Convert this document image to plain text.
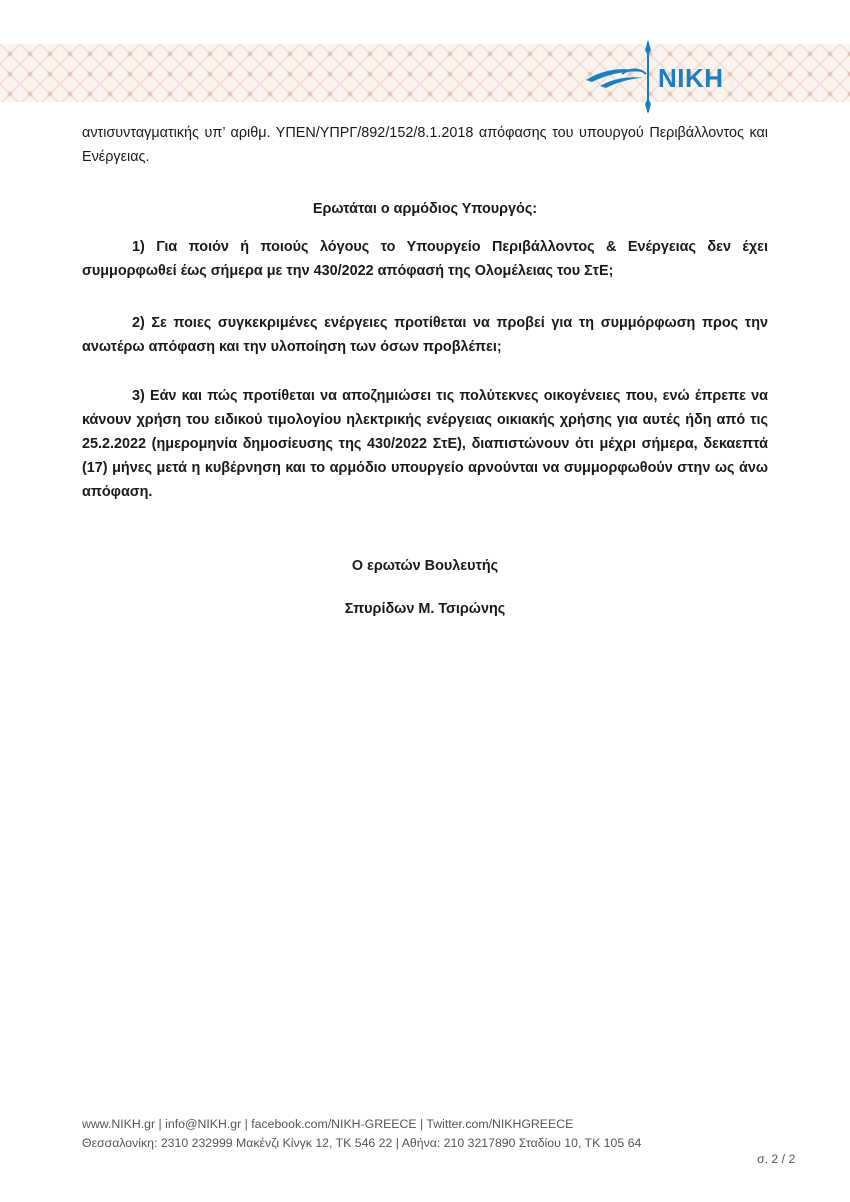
NIKH
αντισυνταγματικής υπ’ αριθμ. ΥΠΕΝ/ΥΠΡΓ/892/152/8.1.2018 απόφασης του υπουργού Περιβάλλοντος και Ενέργειας.
Ερωτάται ο αρμόδιος Υπουργός:
1) Για ποιόν ή ποιούς λόγους το Υπουργείο Περιβάλλοντος & Ενέργειας δεν έχει συμμορφωθεί έως σήμερα με την 430/2022 απόφασή της Ολομέλειας του ΣτΕ;
2) Σε ποιες συγκεκριμένες ενέργειες προτίθεται να προβεί για τη συμμόρφωση προς την ανωτέρω απόφαση και την υλοποίηση των όσων προβλέπει;
3) Εάν και πώς προτίθεται να αποζημιώσει τις πολύτεκνες οικογένειες που, ενώ έπρεπε να κάνουν χρήση του ειδικού τιμολογίου ηλεκτρικής ενέργειας οικιακής χρήσης για αυτές ήδη από τις 25.2.2022 (ημερομηνία δημοσίευσης της 430/2022 ΣτΕ), διαπιστώνουν ότι μέχρι σήμερα, δεκαεπτά (17) μήνες μετά η κυβέρνηση και το αρμόδιο υπουργείο αρνούνται να συμμορφωθούν στην ως άνω απόφαση.
Ο ερωτών Βουλευτής
Σπυρίδων Μ. Τσιρώνης
www.NIKH.gr | info@NIKH.gr | facebook.com/NIKH-GREECE | Twitter.com/NIKHGREECE
Θεσσαλονίκη: 2310 232999 Μακένζι Κίνγκ 12, ΤΚ 546 22 | Αθήνα: 210 3217890 Σταδίου 10, ΤΚ 105 64
σ. 2 / 2
